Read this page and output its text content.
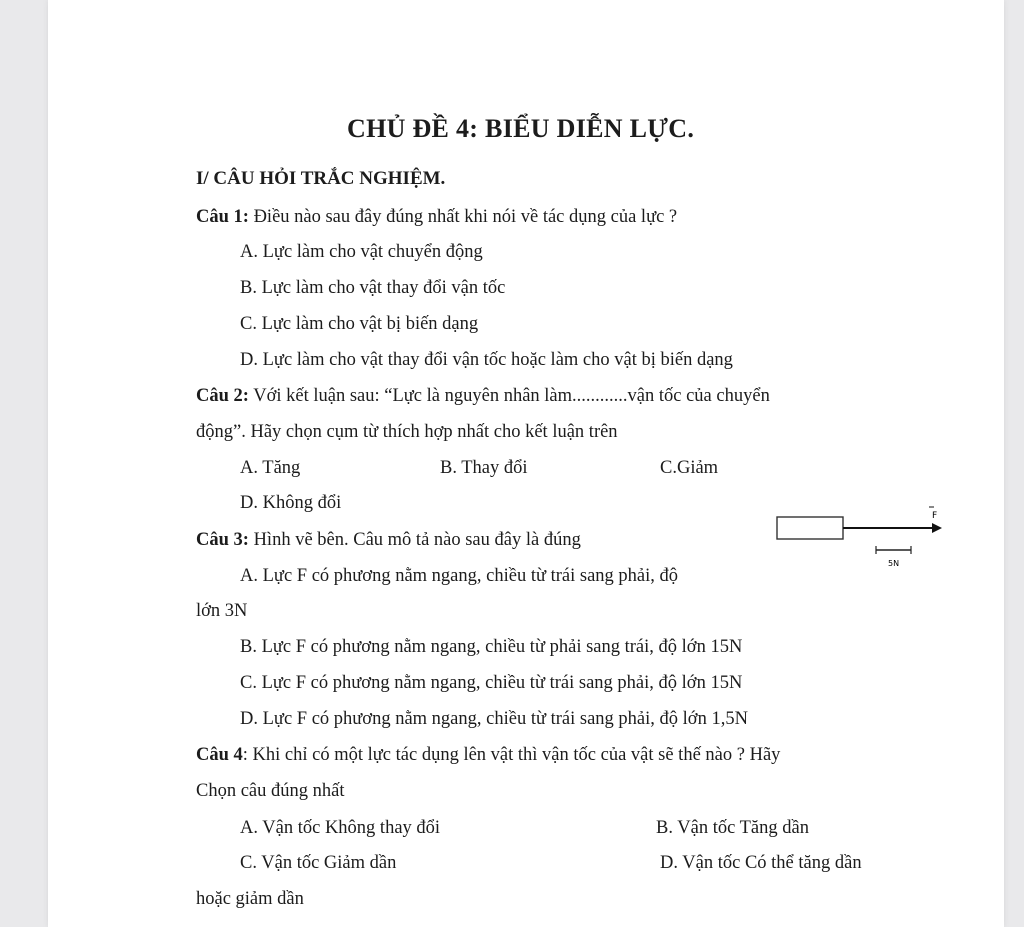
CHỦ ĐỀ 4: BIỂU DIỄN LỰC.
I/ CÂU HỎI TRẮC NGHIỆM.
Câu 1: Điều nào sau đây đúng nhất khi nói về tác dụng của lực ?
A. Lực làm cho vật chuyển động
B. Lực làm cho vật thay đổi vận tốc
C. Lực làm cho vật bị biến dạng
D. Lực làm cho vật thay đổi vận tốc hoặc làm cho vật bị biến dạng
Câu 2: Với kết luận sau: “Lực là nguyên nhân làm............vận tốc của chuyển
động”. Hãy chọn cụm từ thích hợp nhất cho kết luận trên
A. Tăng	B. Thay đổi	C.Giảm
D. Không đổi
Câu 3: Hình vẽ bên. Câu mô tả nào sau đây là đúng
F
5N
A. Lực F có phương nằm ngang, chiều từ trái sang phải, độ
lớn 3N
B. Lực F có phương nằm ngang, chiều từ phải sang trái, độ lớn 15N
C. Lực F có phương nằm ngang, chiều từ trái sang phải, độ lớn 15N
D. Lực F có phương nằm ngang, chiều từ trái sang phải, độ lớn 1,5N
Câu 4: Khi chỉ có một lực tác dụng lên vật thì vận tốc của vật sẽ thế nào ? Hãy
Chọn câu đúng nhất
A. Vận tốc Không thay đổi	B. Vận tốc Tăng dần
C. Vận tốc Giảm dần	D. Vận tốc Có thể tăng dần
hoặc giảm dần
